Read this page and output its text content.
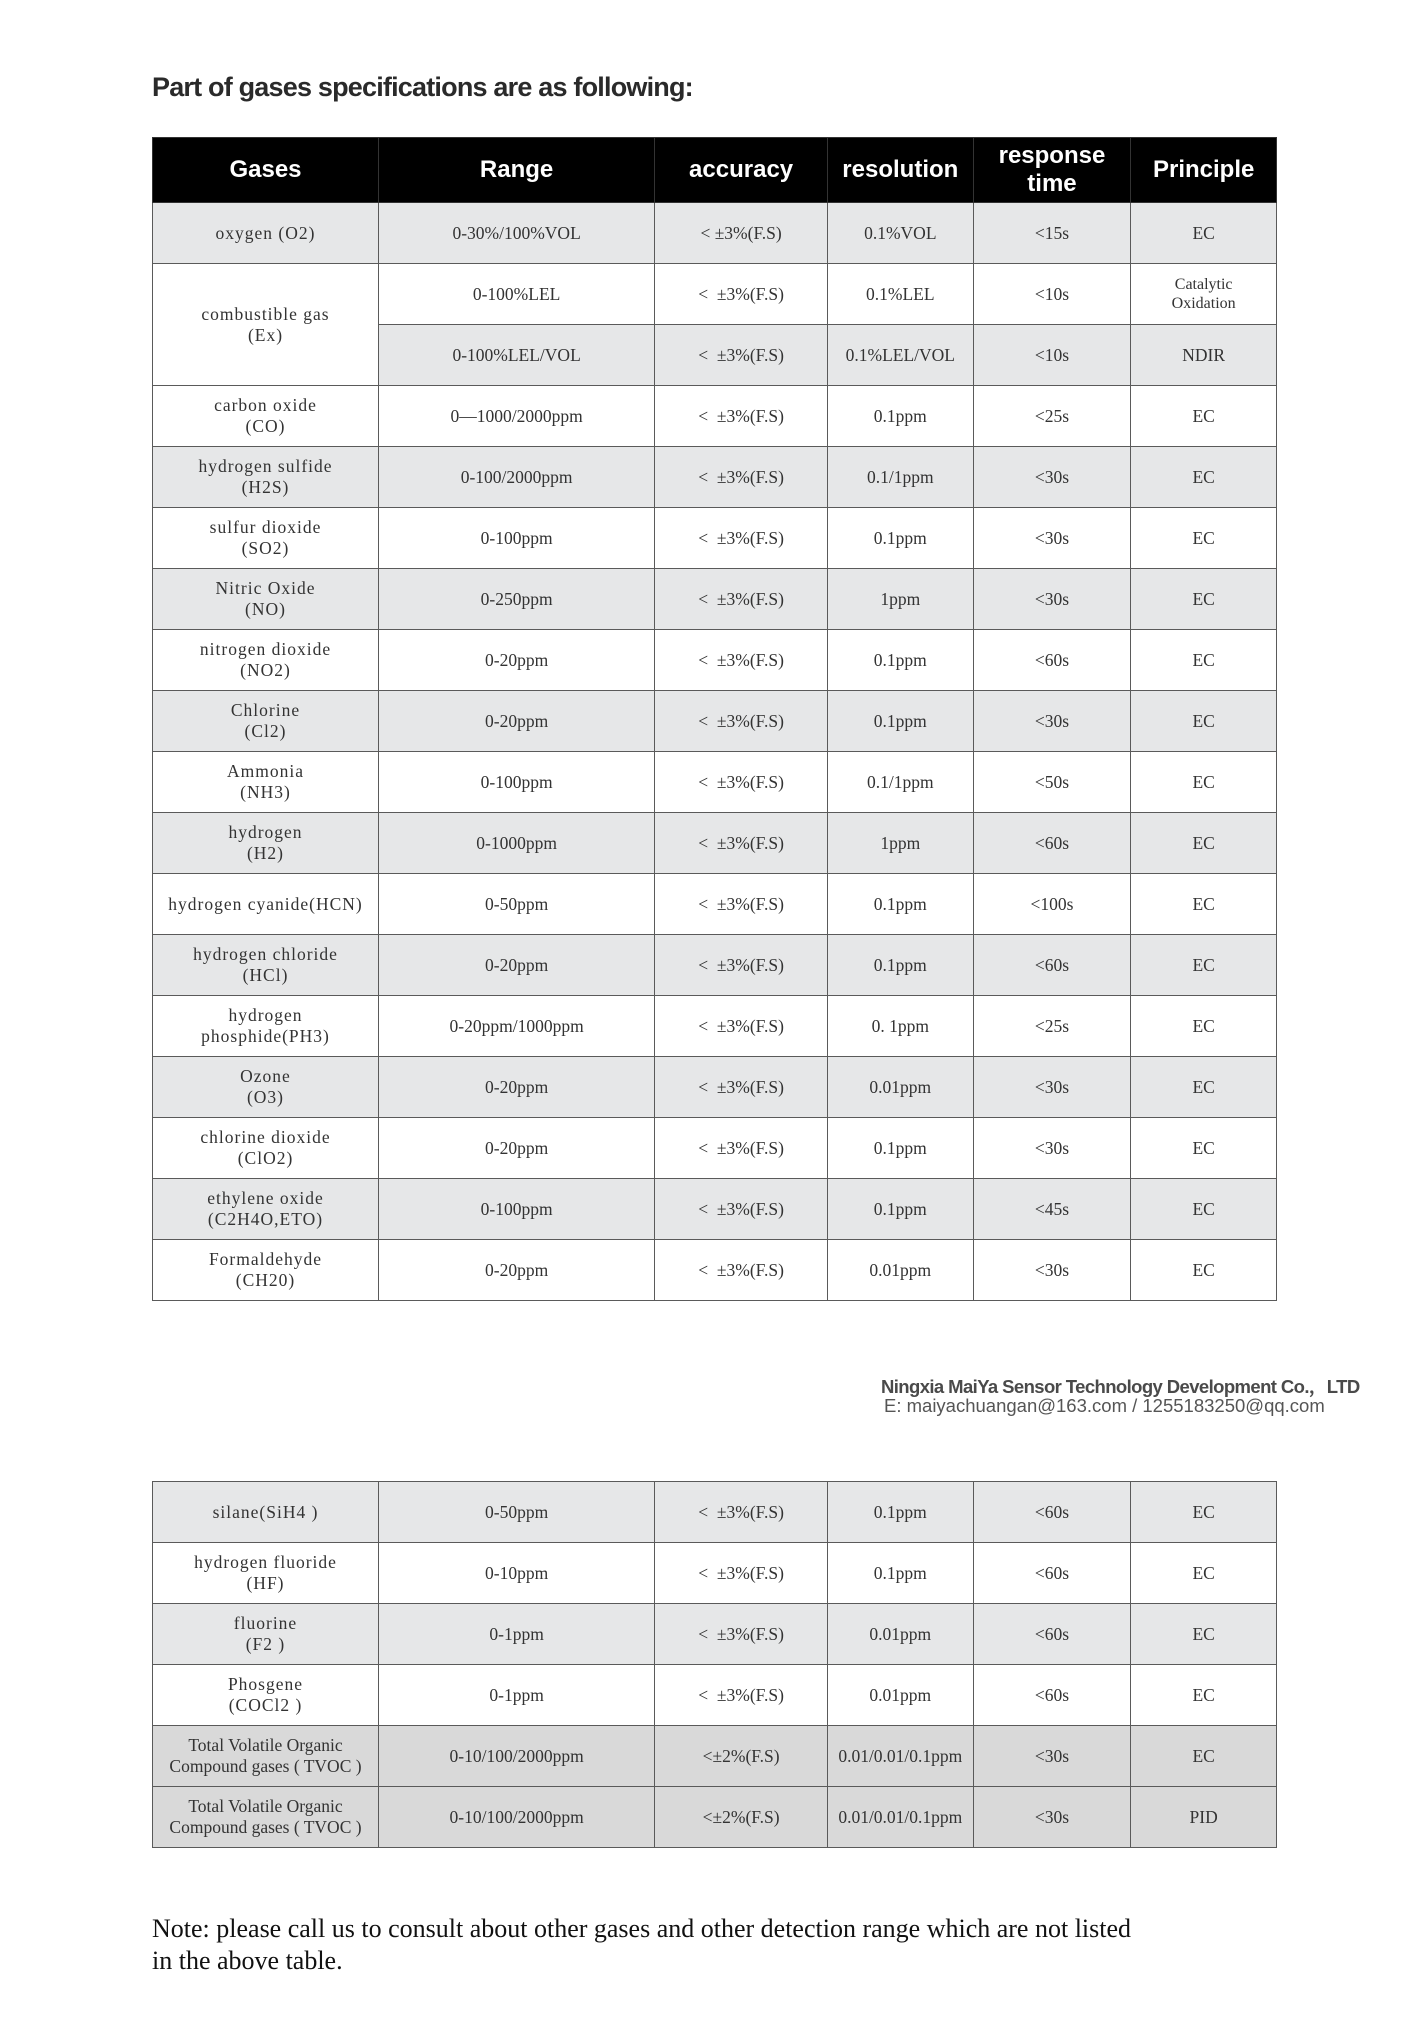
Part of gases specifications are as following:
Gases	Range	accuracy	resolution	response time	Principle
oxygen (O2)	0-30%/100%VOL	< ±3%(F.S)	0.1%VOL	<15s	EC
combustible gas
(Ex)	0-100%LEL	<  ±3%(F.S)	0.1%LEL	<10s	Catalytic
Oxidation
	0-100%LEL/VOL	<  ±3%(F.S)	0.1%LEL/VOL	<10s	NDIR
carbon oxide
(CO)	0—1000/2000ppm	<  ±3%(F.S)	0.1ppm	<25s	EC
hydrogen sulfide
(H2S)	0-100/2000ppm	<  ±3%(F.S)	0.1/1ppm	<30s	EC
sulfur dioxide
(SO2)	0-100ppm	<  ±3%(F.S)	0.1ppm	<30s	EC
Nitric Oxide
(NO)	0-250ppm	<  ±3%(F.S)	1ppm	<30s	EC
nitrogen dioxide
(NO2)	0-20ppm	<  ±3%(F.S)	0.1ppm	<60s	EC
Chlorine
(Cl2)	0-20ppm	<  ±3%(F.S)	0.1ppm	<30s	EC
Ammonia
(NH3)	0-100ppm	<  ±3%(F.S)	0.1/1ppm	<50s	EC
hydrogen
(H2)	0-1000ppm	<  ±3%(F.S)	1ppm	<60s	EC
hydrogen cyanide(HCN)	0-50ppm	<  ±3%(F.S)	0.1ppm	<100s	EC
hydrogen chloride
(HCl)	0-20ppm	<  ±3%(F.S)	0.1ppm	<60s	EC
hydrogen
phosphide(PH3)	0-20ppm/1000ppm	<  ±3%(F.S)	0. 1ppm	<25s	EC
Ozone
(O3)	0-20ppm	<  ±3%(F.S)	0.01ppm	<30s	EC
chlorine dioxide
(ClO2)	0-20ppm	<  ±3%(F.S)	0.1ppm	<30s	EC
ethylene oxide
(C2H4O,ETO)	0-100ppm	<  ±3%(F.S)	0.1ppm	<45s	EC
Formaldehyde
(CH20)	0-20ppm	<  ±3%(F.S)	0.01ppm	<30s	EC
Ningxia MaiYa Sensor Technology Development Co.，LTD
E: maiyachuangan@163.com / 1255183250@qq.com
silane(SiH4 )	0-50ppm	<  ±3%(F.S)	0.1ppm	<60s	EC
hydrogen fluoride
(HF)	0-10ppm	<  ±3%(F.S)	0.1ppm	<60s	EC
fluorine
(F2 )	0-1ppm	<  ±3%(F.S)	0.01ppm	<60s	EC
Phosgene
(COCl2 )	0-1ppm	<  ±3%(F.S)	0.01ppm	<60s	EC
Total Volatile Organic
Compound gases ( TVOC )	0-10/100/2000ppm	<±2%(F.S)	0.01/0.01/0.1ppm	<30s	EC
Total Volatile Organic
Compound gases ( TVOC )	0-10/100/2000ppm	<±2%(F.S)	0.01/0.01/0.1ppm	<30s	PID
Note: please call us to consult about other gases and other detection range which are not listed in the above table.
